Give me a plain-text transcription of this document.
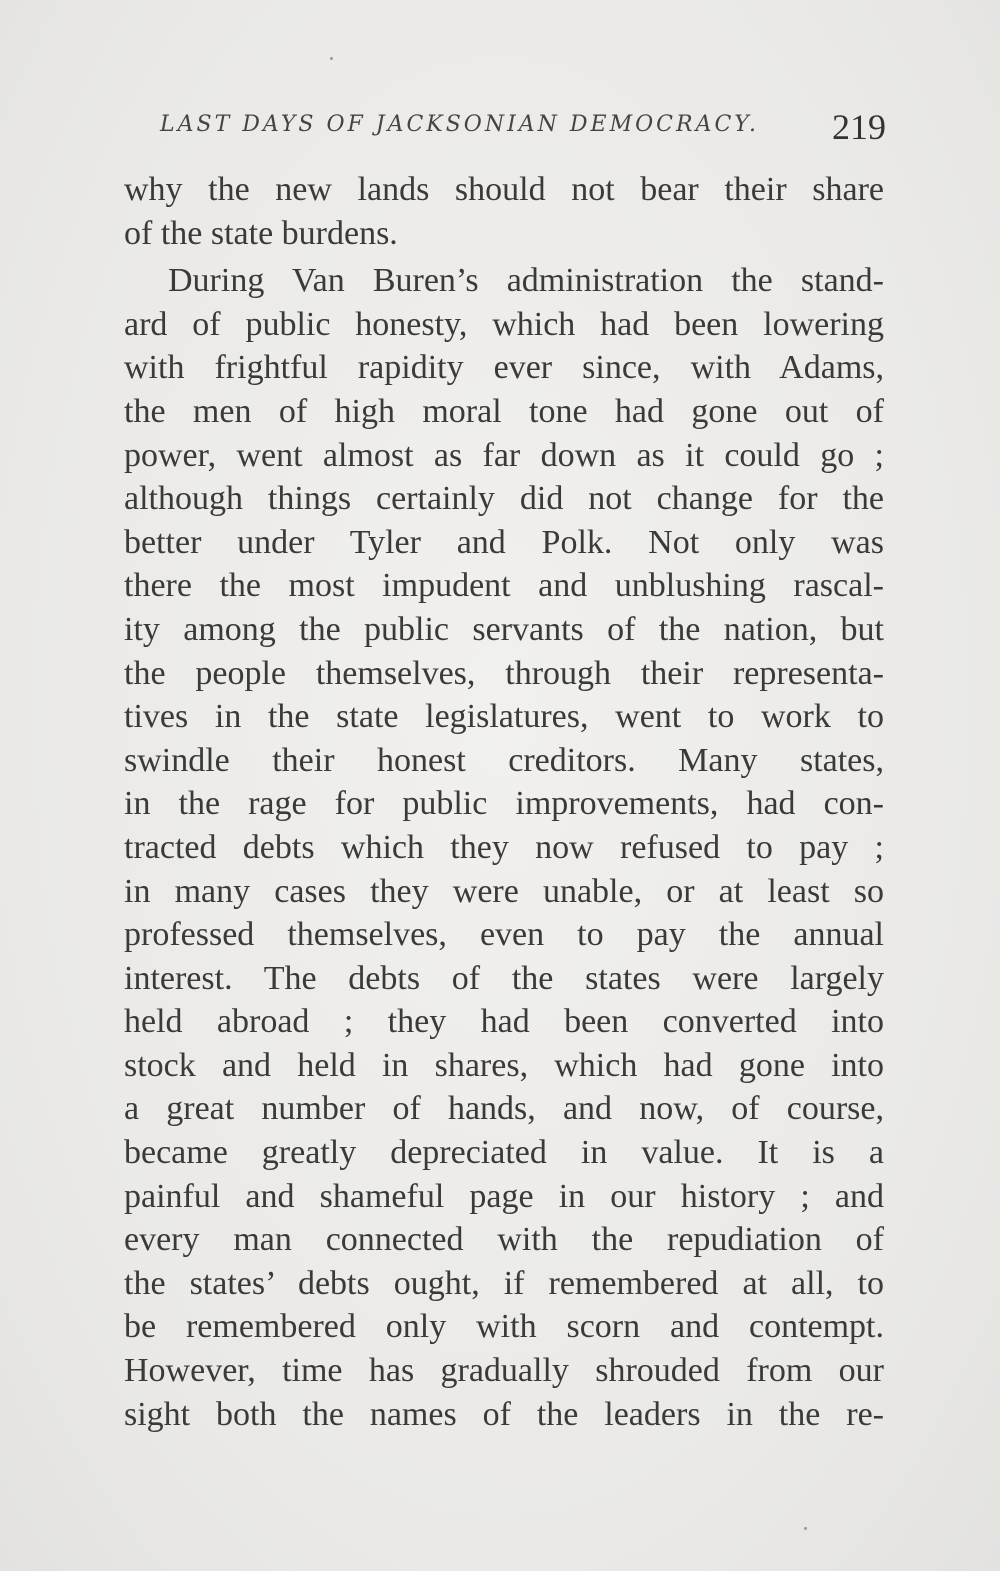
LAST DAYS OF JACKSONIAN DEMOCRACY. 219
why the new lands should not bear their share
of the state burdens.
During Van Buren’s administration the stand-
ard of public honesty, which had been lowering
with frightful rapidity ever since, with Adams,
the men of high moral tone had gone out of
power, went almost as far down as it could go ;
although things certainly did not change for the
better under Tyler and Polk. Not only was
there the most impudent and unblushing rascal-
ity among the public servants of the nation, but
the people themselves, through their representa-
tives in the state legislatures, went to work to
swindle their honest creditors. Many states,
in the rage for public improvements, had con-
tracted debts which they now refused to pay ;
in many cases they were unable, or at least so
professed themselves, even to pay the annual
interest. The debts of the states were largely
held abroad ; they had been converted into
stock and held in shares, which had gone into
a great number of hands, and now, of course,
became greatly depreciated in value. It is a
painful and shameful page in our history ; and
every man connected with the repudiation of
the states’ debts ought, if remembered at all, to
be remembered only with scorn and contempt.
However, time has gradually shrouded from our
sight both the names of the leaders in the re-
